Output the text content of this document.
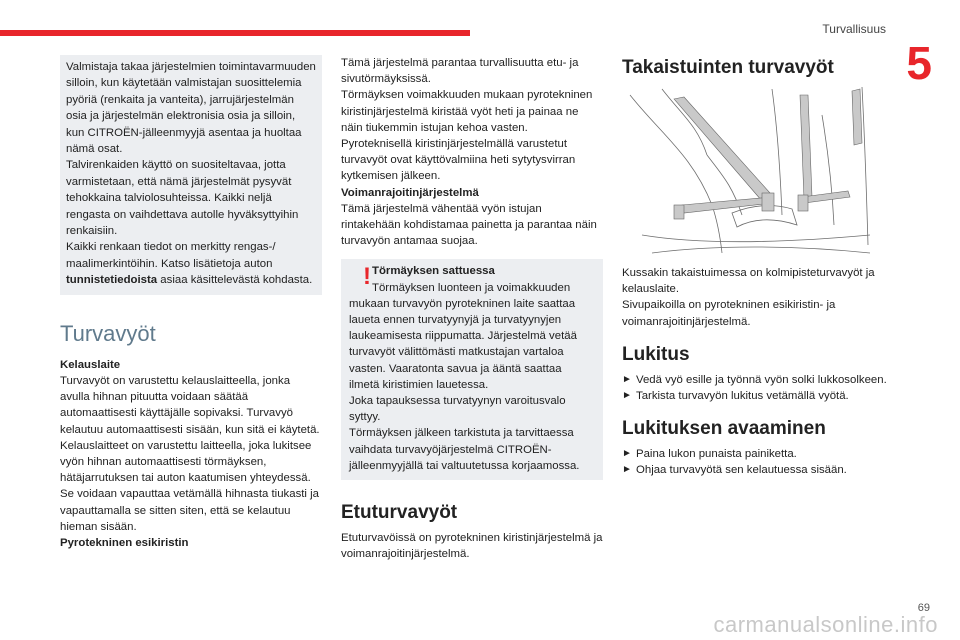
Turvallisuus
5

Valmistaja takaa järjestelmien toimintavarmuuden silloin, kun käytetään valmistajan suosittelemia pyöriä (renkaita ja vanteita), jarrujärjestelmän osia ja järjestelmän elektronisia osia ja silloin, kun CITROËN-jälleenmyyjä asentaa ja huoltaa nämä osat.

Talvirenkaiden käyttö on suositeltavaa, jotta varmistetaan, että nämä järjestelmät pysyvät tehokkaina talviolosuhteissa. Kaikki neljä rengasta on vaihdettava autolle hyväksyttyihin renkaisiin.

Kaikki renkaan tiedot on merkitty rengas-/ maalimerkintöihin. Katso lisätietoja auton tunnistetiedoista asiaa käsittelevästä kohdasta.

Turvavyöt

Kelauslaite

Turvavyöt on varustettu kelauslaitteella, jonka avulla hihnan pituutta voidaan säätää automaattisesti käyttäjälle sopivaksi. Turvavyö kelautuu automaattisesti sisään, kun sitä ei käytetä.

Kelauslaitteet on varustettu laitteella, joka lukitsee vyön hihnan automaattisesti törmäyksen, hätäjarrutuksen tai auton kaatumisen yhteydessä. Se voidaan vapauttaa vetämällä hihnasta tiukasti ja vapauttamalla se sitten siten, että se kelautuu hieman sisään.

Pyrotekninen esikiristin

Tämä järjestelmä parantaa turvallisuutta etu- ja sivutörmäyksissä.

Törmäyksen voimakkuuden mukaan pyrotekninen kiristinjärjestelmä kiristää vyöt heti ja painaa ne näin tiukemmin istujan kehoa vasten.

Pyroteknisellä kiristinjärjestelmällä varustetut turvavyöt ovat käyttövalmiina heti sytytysvirran kytkemisen jälkeen.

Voimanrajoitinjärjestelmä

Tämä järjestelmä vähentää vyön istujan rintakehään kohdistamaa painetta ja parantaa näin turvavyön antamaa suojaa.

! Törmäyksen sattuessa

Törmäyksen luonteen ja voimakkuuden mukaan turvavyön pyrotekninen laite saattaa laueta ennen turvatyynyjä ja turvatyynyjen laukeamisesta riippumatta. Järjestelmä vetää turvavyöt välittömästi matkustajan vartaloa vasten. Vaaratonta savua ja ääntä saattaa ilmetä kiristimien lauetessa.

Joka tapauksessa turvatyynyn varoitusvalo syttyy.

Törmäyksen jälkeen tarkistuta ja tarvittaessa vaihdata turvavyöjärjestelmä CITROËN-jälleenmyyjällä tai valtuutetussa korjaamossa.

Etuturvavyöt

Etuturvavöissä on pyrotekninen kiristinjärjestelmä ja voimanrajoitinjärjestelmä.

Takaistuinten turvavyöt

Kussakin takaistuimessa on kolmipisteturvavyöt ja kelauslaite.

Sivupaikoilla on pyrotekninen esikiristin- ja voimanrajoitinjärjestelmä.

Lukitus
► Vedä vyö esille ja työnnä vyön solki lukkosolkeen.

► Tarkista turvavyön lukitus vetämällä vyötä.

Lukituksen avaaminen
► Paina lukon punaista painiketta.

► Ohjaa turvavyötä sen kelautuessa sisään.

69
carmanualsonline.info
